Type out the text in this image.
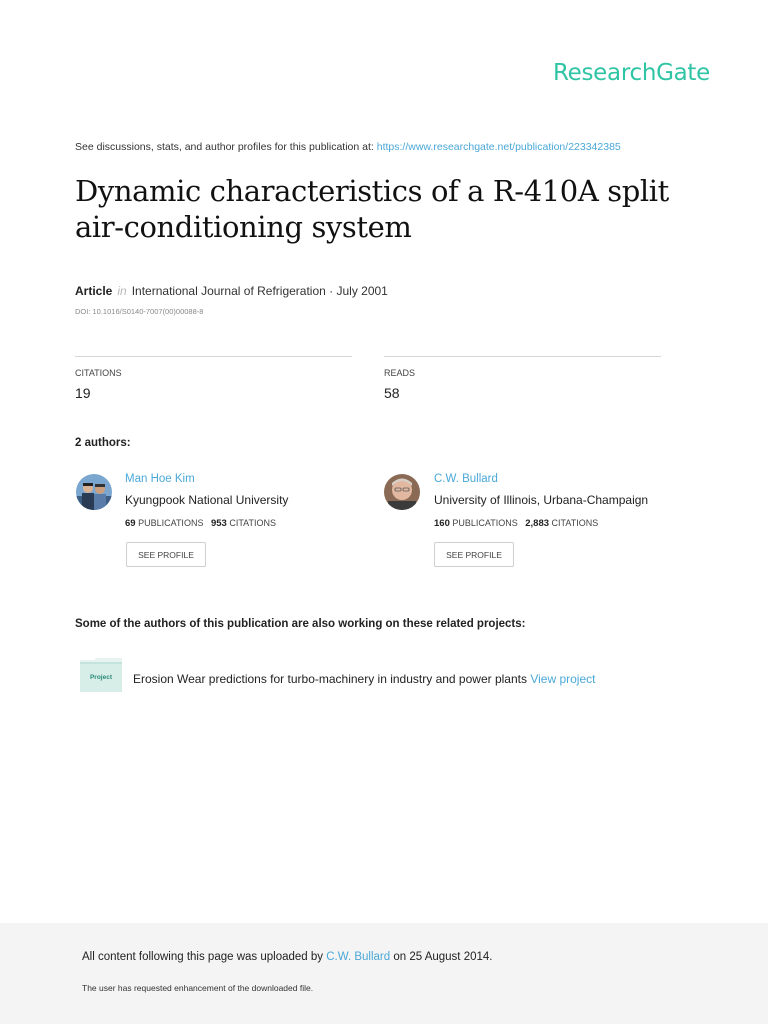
ResearchGate
See discussions, stats, and author profiles for this publication at: https://www.researchgate.net/publication/223342385
Dynamic characteristics of a R-410A split air-conditioning system
Article in International Journal of Refrigeration · July 2001
DOI: 10.1016/S0140-7007(00)00088-8
CITATIONS
19
READS
58
2 authors:
Man Hoe Kim
Kyungpook National University
69 PUBLICATIONS 953 CITATIONS
SEE PROFILE
C.W. Bullard
University of Illinois, Urbana-Champaign
160 PUBLICATIONS 2,883 CITATIONS
SEE PROFILE
Some of the authors of this publication are also working on these related projects:
Project	Erosion Wear predictions for turbo-machinery in industry and power plants View project
All content following this page was uploaded by C.W. Bullard on 25 August 2014.
The user has requested enhancement of the downloaded file.
